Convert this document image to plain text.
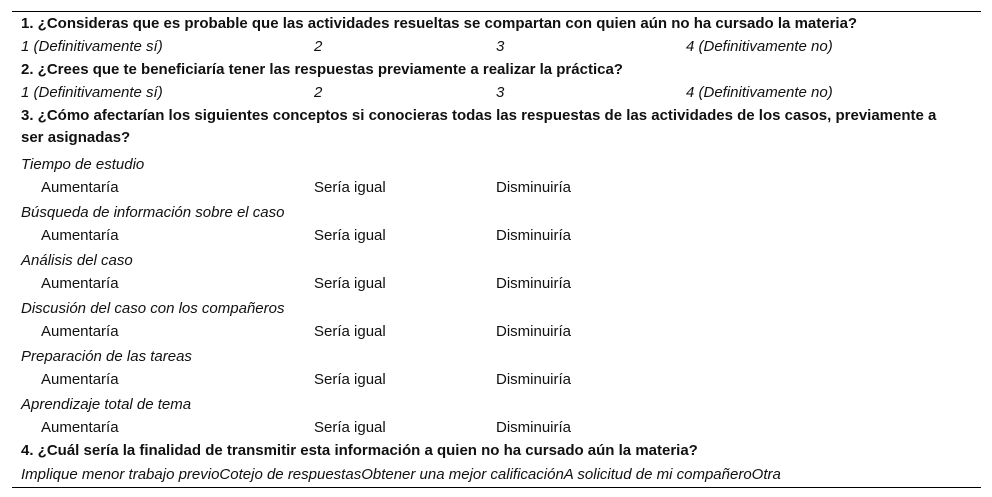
1. ¿Consideras que es probable que las actividades resueltas se compartan con quien aún no ha cursado la materia?
1 (Definitivamente sí)	2	3	4 (Definitivamente no)
2. ¿Crees que te beneficiaría tener las respuestas previamente a realizar la práctica?
1 (Definitivamente sí)	2	3	4 (Definitivamente no)
3. ¿Cómo afectarían los siguientes conceptos si conocieras todas las respuestas de las actividades de los casos, previamente a ser asignadas?
Tiempo de estudio
Aumentaría	Sería igual	Disminuiría
Búsqueda de información sobre el caso
Aumentaría	Sería igual	Disminuiría
Análisis del caso
Aumentaría	Sería igual	Disminuiría
Discusión del caso con los compañeros
Aumentaría	Sería igual	Disminuiría
Preparación de las tareas
Aumentaría	Sería igual	Disminuiría
Aprendizaje total de tema
Aumentaría	Sería igual	Disminuiría
4. ¿Cuál sería la finalidad de transmitir esta información a quien no ha cursado aún la materia?
Implique menor trabajo previoCotejo de respuestasObtener una mejor calificaciónA solicitud de mi compañeroOtra
